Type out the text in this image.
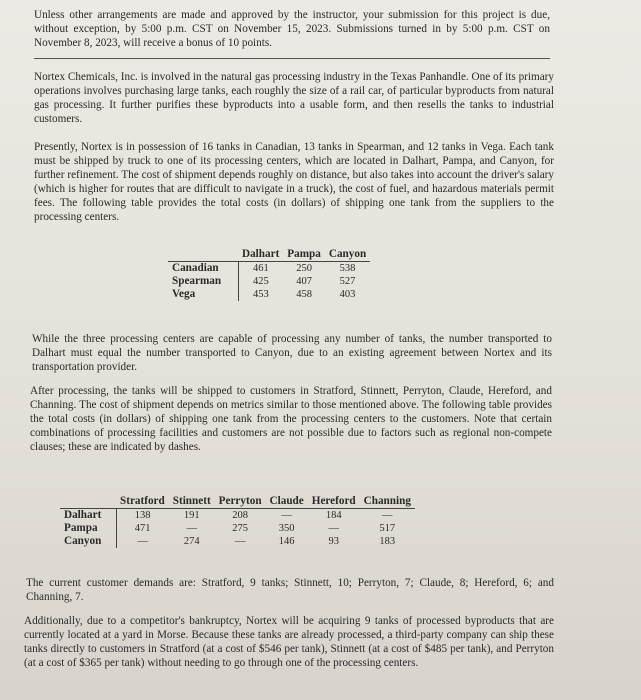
Unless other arrangements are made and approved by the instructor, your submission for this project is due, without exception, by 5:00 p.m. CST on November 15, 2023. Submissions turned in by 5:00 p.m. CST on November 8, 2023, will receive a bonus of 10 points.

Nortex Chemicals, Inc. is involved in the natural gas processing industry in the Texas Panhandle. One of its primary operations involves purchasing large tanks, each roughly the size of a rail car, of particular byproducts from natural gas processing. It further purifies these byproducts into a usable form, and then resells the tanks to industrial customers.

Presently, Nortex is in possession of 16 tanks in Canadian, 13 tanks in Spearman, and 12 tanks in Vega. Each tank must be shipped by truck to one of its processing centers, which are located in Dalhart, Pampa, and Canyon, for further refinement. The cost of shipment depends roughly on distance, but also takes into account the driver's salary (which is higher for routes that are difficult to navigate in a truck), the cost of fuel, and hazardous materials permit fees. The following table provides the total costs (in dollars) of shipping one tank from the suppliers to the processing centers.

	Dalhart	Pampa	Canyon
Canadian	461	250	538
Spearman	425	407	527
Vega	453	458	403

While the three processing centers are capable of processing any number of tanks, the number transported to Dalhart must equal the number transported to Canyon, due to an existing agreement between Nortex and its transportation provider.

After processing, the tanks will be shipped to customers in Stratford, Stinnett, Perryton, Claude, Hereford, and Channing. The cost of shipment depends on metrics similar to those mentioned above. The following table provides the total costs (in dollars) of shipping one tank from the processing centers to the customers. Note that certain combinations of processing facilities and customers are not possible due to factors such as regional non-compete clauses; these are indicated by dashes.

	Stratford	Stinnett	Perryton	Claude	Hereford	Channing
Dalhart	138	191	208	—	184	—
Pampa	471	—	275	350	—	517
Canyon	—	274	—	146	93	183

The current customer demands are: Stratford, 9 tanks; Stinnett, 10; Perryton, 7; Claude, 8; Hereford, 6; and Channing, 7.

Additionally, due to a competitor's bankruptcy, Nortex will be acquiring 9 tanks of processed byproducts that are currently located at a yard in Morse. Because these tanks are already processed, a third-party company can ship these tanks directly to customers in Stratford (at a cost of $546 per tank), Stinnett (at a cost of $485 per tank), and Perryton (at a cost of $365 per tank) without needing to go through one of the processing centers.
